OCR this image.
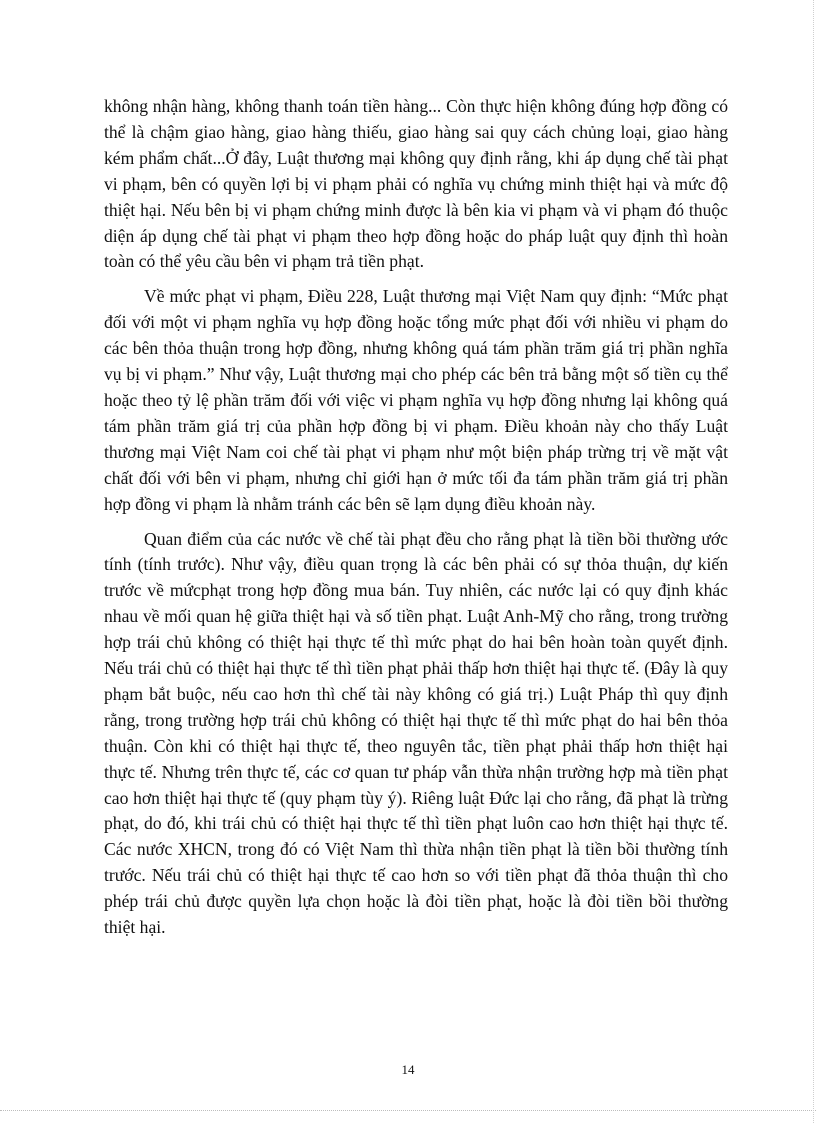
không nhận hàng, không thanh toán tiền hàng... Còn thực hiện không đúng hợp đồng có thể là chậm giao hàng, giao hàng thiếu, giao hàng sai quy cách chủng loại, giao hàng kém phẩm chất...Ở đây, Luật thương mại không quy định rằng, khi áp dụng chế tài phạt vi phạm, bên có quyền lợi bị vi phạm phải có nghĩa vụ chứng minh thiệt hại và mức độ thiệt hại. Nếu bên bị vi phạm chứng minh được là bên kia vi phạm và vi phạm đó thuộc diện áp dụng chế tài phạt vi phạm theo hợp đồng hoặc do pháp luật quy định thì hoàn toàn có thể yêu cầu bên vi phạm trả tiền phạt.

Về mức phạt vi phạm, Điều 228, Luật thương mại Việt Nam quy định: “Mức phạt đối với một vi phạm nghĩa vụ hợp đồng hoặc tổng mức phạt đối với nhiều vi phạm do các bên thỏa thuận trong hợp đồng, nhưng không quá tám phần trăm giá trị phần nghĩa vụ bị vi phạm.” Như vậy, Luật thương mại cho phép các bên trả bằng một số tiền cụ thể hoặc theo tỷ lệ phần trăm đối với việc vi phạm nghĩa vụ hợp đồng nhưng lại không quá tám phần trăm giá trị của phần hợp đồng bị vi phạm. Điều khoản này cho thấy Luật thương mại Việt Nam coi chế tài phạt vi phạm như một biện pháp trừng trị về mặt vật chất đối với bên vi phạm, nhưng chỉ giới hạn ở mức tối đa tám phần trăm giá trị phần hợp đồng vi phạm là nhằm tránh các bên sẽ lạm dụng điều khoản này.

Quan điểm của các nước về chế tài phạt đều cho rằng phạt là tiền bồi thường ước tính (tính trước). Như vậy, điều quan trọng là các bên phải có sự thỏa thuận, dự kiến trước về mứcphạt trong hợp đồng mua bán. Tuy nhiên, các nước lại có quy định khác nhau về mối quan hệ giữa thiệt hại và số tiền phạt. Luật Anh-Mỹ cho rằng, trong trường hợp trái chủ không có thiệt hại thực tế thì mức phạt do hai bên hoàn toàn quyết định. Nếu trái chủ có thiệt hại thực tế thì tiền phạt phải thấp hơn thiệt hại thực tế. (Đây là quy phạm bắt buộc, nếu cao hơn thì chế tài này không có giá trị.) Luật Pháp thì quy định rằng, trong trường hợp trái chủ không có thiệt hại thực tế thì mức phạt do hai bên thỏa thuận. Còn khi có thiệt hại thực tế, theo nguyên tắc, tiền phạt phải thấp hơn thiệt hại thực tế. Nhưng trên thực tế, các cơ quan tư pháp vẫn thừa nhận trường hợp mà tiền phạt cao hơn thiệt hại thực tế (quy phạm tùy ý). Riêng luật Đức lại cho rằng, đã phạt là trừng phạt, do đó, khi trái chủ có thiệt hại thực tế thì tiền phạt luôn cao hơn thiệt hại thực tế. Các nước XHCN, trong đó có Việt Nam thì thừa nhận tiền phạt là tiền bồi thường tính trước. Nếu trái chủ có thiệt hại thực tế cao hơn so với tiền phạt đã thỏa thuận thì cho phép trái chủ được quyền lựa chọn hoặc là đòi tiền phạt, hoặc là đòi tiền bồi thường thiệt hại.

14
